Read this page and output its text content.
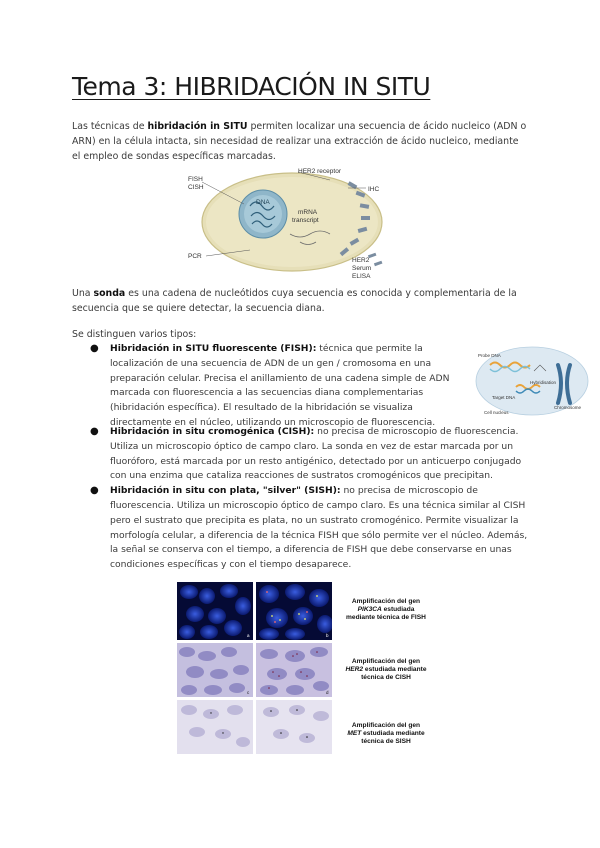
Tema 3: HIBRIDACIÓN IN SITU

Las técnicas de hibridación in SITU permiten localizar una secuencia de ácido nucleico (ADN o ARN) en la célula intacta, sin necesidad de realizar una extracción de ácido nucleico, mediante el empleo de sondas específicas marcadas.

HER2 receptor
FISH
CISH	IHC
DNA
mRNA
transcript
PCR
HER2
Serum
ELISA

Una sonda es una cadena de nucleótidos cuya secuencia es conocida y complementaria de la secuencia que se quiere detectar, la secuencia diana.

Se distinguen varios tipos:

Probe DNA
Hybridisation
Target DNA
Chromosome
Cell nucleus
● Hibridación in SITU fluorescente (FISH): técnica que permite la localización de una secuencia de ADN de un gen / cromosoma en una preparación celular. Precisa el anillamiento de una cadena simple de ADN marcada con fluorescencia a las secuencias diana complementarias (hibridación específica). El resultado de la hibridación se visualiza directamente en el núcleo, utilizando un microscopio de fluorescencia.
● Hibridación in situ cromogénica (CISH): no precisa de microscopio de fluorescencia. Utiliza un microscopio óptico de campo claro. La sonda en vez de estar marcada por un fluoróforo, está marcada por un resto antigénico, detectado por un anticuerpo conjugado con una enzima que cataliza reacciones de sustratos cromogénicos que precipitan.
● Hibridación in situ con plata, "silver" (SISH): no precisa de microscopio de fluorescencia. Utiliza un microscopio óptico de campo claro. Es una técnica similar al CISH pero el sustrato que precipita es plata, no un sustrato cromogénico. Permite visualizar la morfología celular, a diferencia de la técnica FISH que sólo permite ver el núcleo. Además, la señal se conserva con el tiempo, a diferencia de FISH que debe conservarse en unas condiciones específicas y con el tiempo desaparece.
a	b
c	d
Amplificación del gen
PIK3CA estudiada
mediante técnica de FISH
Amplificación del gen
HER2 estudiada mediante
técnica de CISH
Amplificación del gen
MET estudiada mediante
técnica de SISH
